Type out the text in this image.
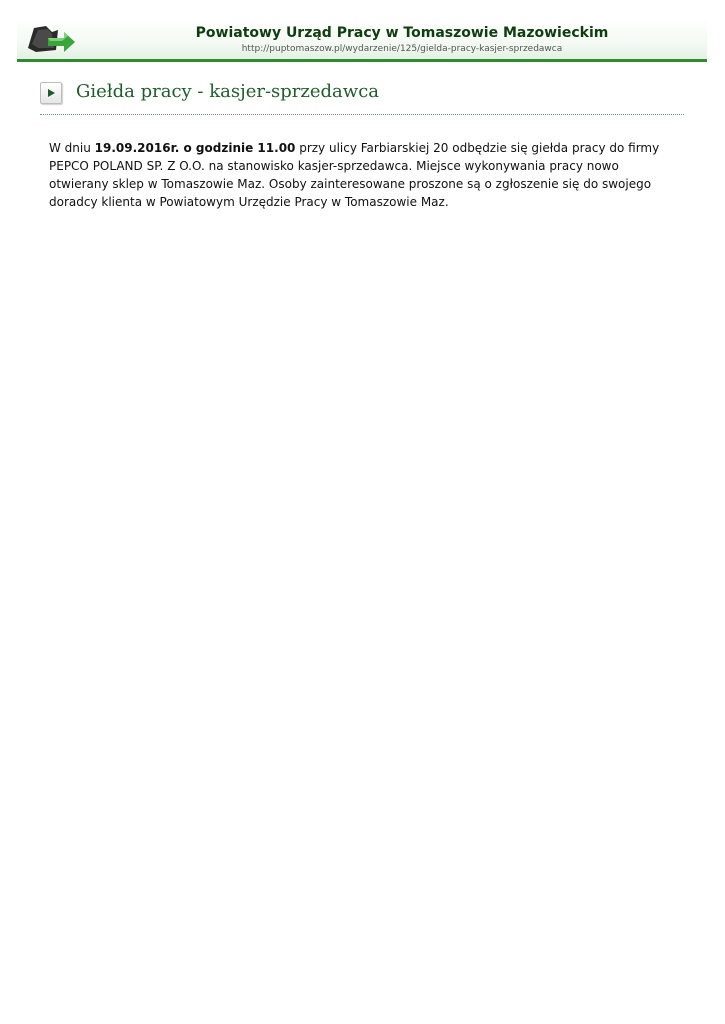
Powiatowy Urząd Pracy w Tomaszowie Mazowieckim
http://puptomaszow.pl/wydarzenie/125/gielda-pracy-kasjer-sprzedawca
Giełda pracy - kasjer-sprzedawca

W dniu 19.09.2016r. o godzinie 11.00 przy ulicy Farbiarskiej 20 odbędzie się giełda pracy do firmy PEPCO POLAND SP. Z O.O. na stanowisko kasjer-sprzedawca. Miejsce wykonywania pracy nowo otwierany sklep w Tomaszowie Maz. Osoby zainteresowane proszone są o zgłoszenie się do swojego doradcy klienta w Powiatowym Urzędzie Pracy w Tomaszowie Maz.
